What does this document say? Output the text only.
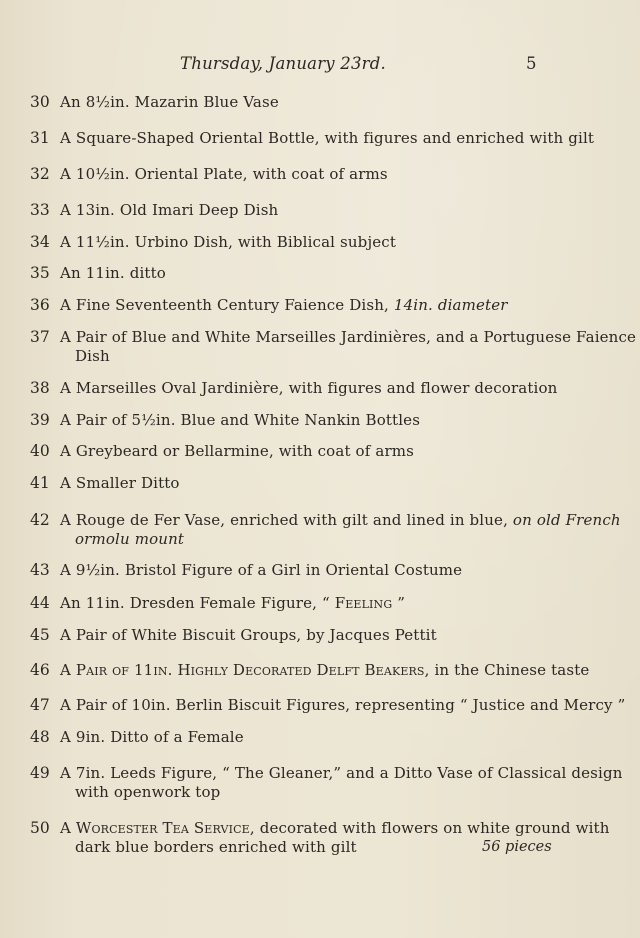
Thursday, January 23rd.	5
30 An 8½in. Mazarin Blue Vase
31 A Square-Shaped Oriental Bottle, with figures and enriched with gilt
32 A 10½in. Oriental Plate, with coat of arms
33 A 13in. Old Imari Deep Dish
34 A 11½in. Urbino Dish, with Biblical subject
35 An 11in. ditto
36 A Fine Seventeenth Century Faience Dish, 14in. diameter
37 A Pair of Blue and White Marseilles Jardinières, and a Portuguese Faience
Dish
38 A Marseilles Oval Jardinière, with figures and flower decoration
39 A Pair of 5½in. Blue and White Nankin Bottles
40 A Greybeard or Bellarmine, with coat of arms
41 A Smaller Ditto
42 A Rouge de Fer Vase, enriched with gilt and lined in blue, on old French
ormolu mount
43 A 9½in. Bristol Figure of a Girl in Oriental Costume
44 An 11in. Dresden Female Figure, “ Feeling ”
45 A Pair of White Biscuit Groups, by Jacques Pettit
46 A Pair of 11in. Highly Decorated Delft Beakers, in the Chinese taste
47 A Pair of 10in. Berlin Biscuit Figures, representing “ Justice and Mercy ”
48 A 9in. Ditto of a Female
49 A 7in. Leeds Figure, “ The Gleaner,” and a Ditto Vase of Classical design
with openwork top
50 A Worcester Tea Service, decorated with flowers on white ground with
dark blue borders enriched with gilt	56 pieces
